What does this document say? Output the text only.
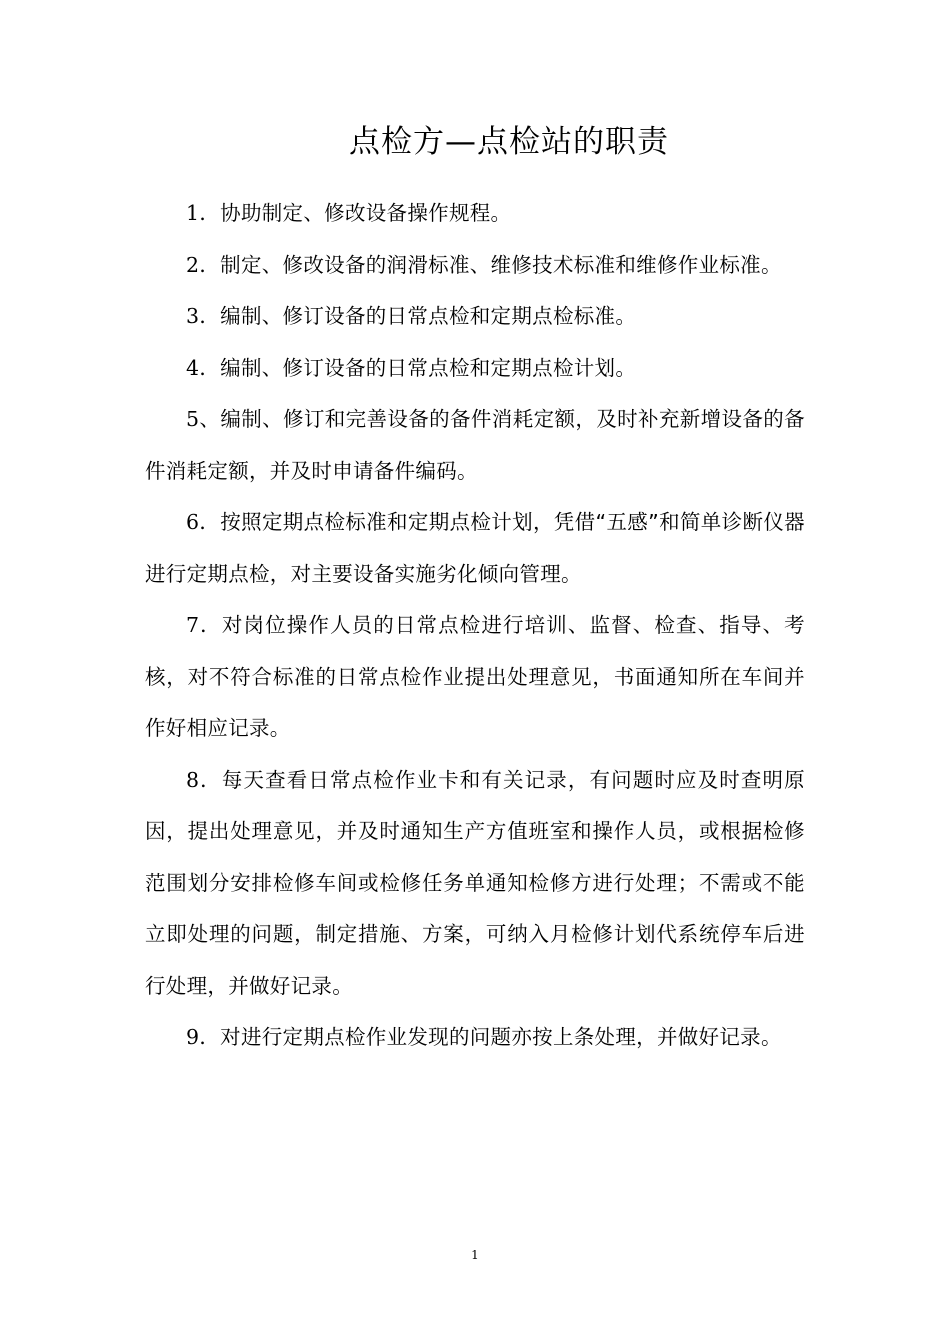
点检方—点检站的职责

1．协助制定、修改设备操作规程。

2．制定、修改设备的润滑标准、维修技术标准和维修作业标准。

3．编制、修订设备的日常点检和定期点检标准。

4．编制、修订设备的日常点检和定期点检计划。

5、编制、修订和完善设备的备件消耗定额，及时补充新增设备的备件消耗定额，并及时申请备件编码。

6．按照定期点检标准和定期点检计划，凭借“五感”和简单诊断仪器进行定期点检，对主要设备实施劣化倾向管理。

7．对岗位操作人员的日常点检进行培训、监督、检查、指导、考核，对不符合标准的日常点检作业提出处理意见，书面通知所在车间并作好相应记录。

8．每天查看日常点检作业卡和有关记录，有问题时应及时查明原因，提出处理意见，并及时通知生产方值班室和操作人员，或根据检修范围划分安排检修车间或检修任务单通知检修方进行处理；不需或不能立即处理的问题，制定措施、方案，可纳入月检修计划代系统停车后进行处理，并做好记录。

9．对进行定期点检作业发现的问题亦按上条处理，并做好记录。

1
